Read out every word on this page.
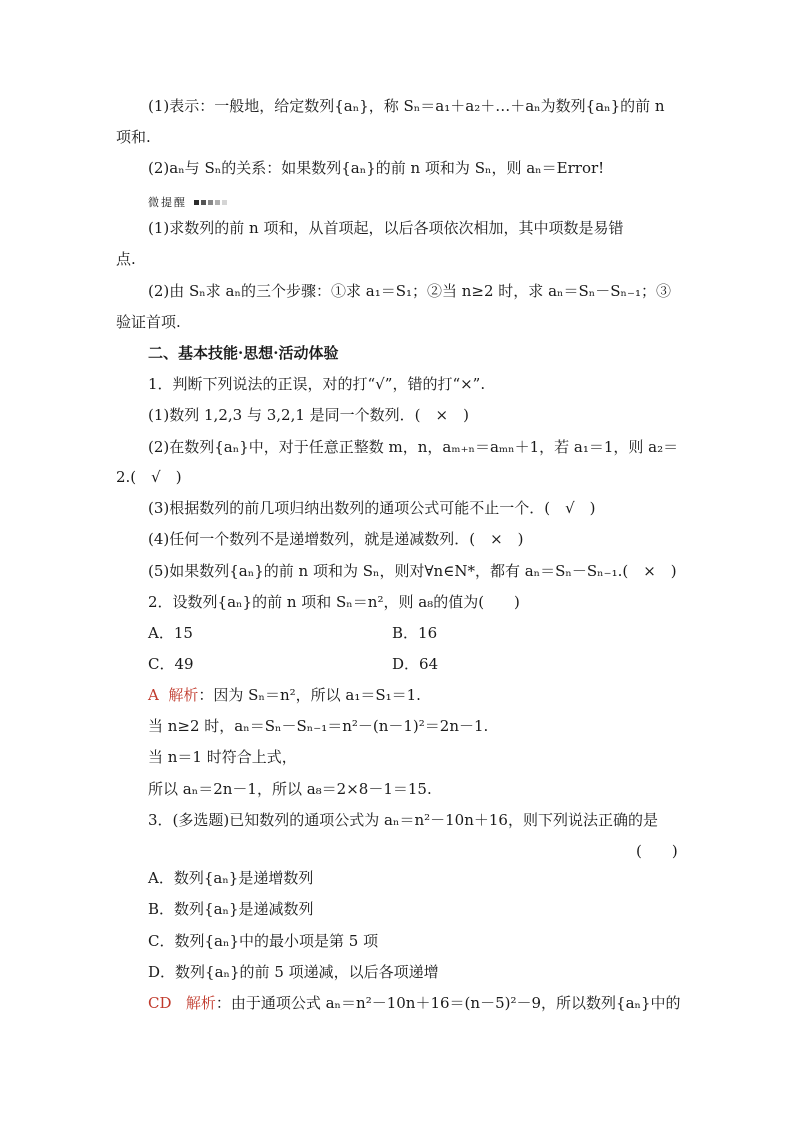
(1)表示：一般地，给定数列{aₙ}，称 Sₙ＝a₁＋a₂＋…＋aₙ为数列{aₙ}的前 n
项和.
(2)aₙ与 Sₙ的关系：如果数列{aₙ}的前 n 项和为 Sₙ，则 aₙ＝Error!
微提醒
(1)求数列的前 n 项和，从首项起，以后各项依次相加，其中项数是易错
点.
(2)由 Sₙ求 aₙ的三个步骤：①求 a₁＝S₁；②当 n≥2 时，求 aₙ＝Sₙ－Sₙ₋₁；③
验证首项.
二、基本技能·思想·活动体验
1．判断下列说法的正误，对的打“√”，错的打“×”.
(1)数列 1,2,3 与 3,2,1 是同一个数列．(　×　)
(2)在数列{aₙ}中，对于任意正整数 m，n，aₘ₊ₙ＝aₘₙ＋1，若 a₁＝1，则 a₂＝
2.(　√　)
(3)根据数列的前几项归纳出数列的通项公式可能不止一个．(　√　)
(4)任何一个数列不是递增数列，就是递减数列．(　×　)
(5)如果数列{aₙ}的前 n 项和为 Sₙ，则对∀n∈N*，都有 aₙ＝Sₙ－Sₙ₋₁.(　×　)
2．设数列{aₙ}的前 n 项和 Sₙ＝n²，则 a₈的值为(　　)
A．15	B．16
C．49	D．64
A 解析：因为 Sₙ＝n²，所以 a₁＝S₁＝1.
当 n≥2 时，aₙ＝Sₙ－Sₙ₋₁＝n²－(n－1)²＝2n－1.
当 n＝1 时符合上式，
所以 aₙ＝2n－1，所以 a₈＝2×8－1＝15.
3．(多选题)已知数列的通项公式为 aₙ＝n²－10n＋16，则下列说法正确的是
(　　)
A．数列{aₙ}是递增数列
B．数列{aₙ}是递减数列
C．数列{aₙ}中的最小项是第 5 项
D．数列{aₙ}的前 5 项递减，以后各项递增
CD 解析：由于通项公式 aₙ＝n²－10n＋16＝(n－5)²－9，所以数列{aₙ}中的
